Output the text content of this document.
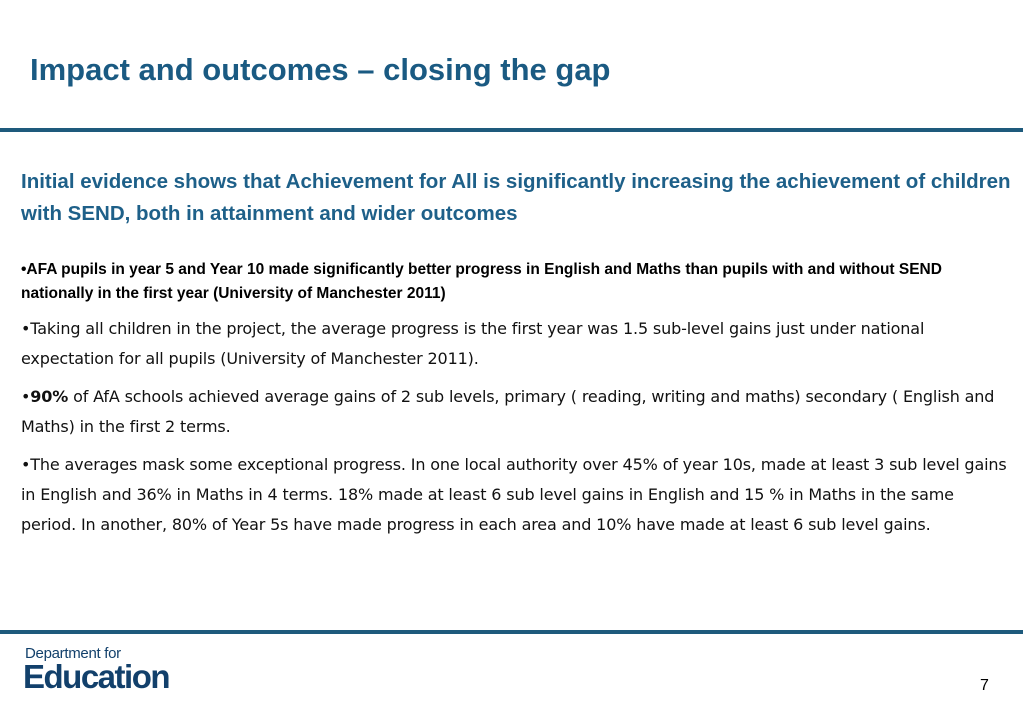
Impact and outcomes – closing the gap

Initial evidence shows that Achievement for All is significantly increasing the achievement of children with SEND, both in attainment and wider outcomes

•AFA pupils in year 5 and Year 10 made significantly better progress in English and Maths than pupils with and without SEND nationally in the first year (University of Manchester 2011)

•Taking all children in the project, the average progress is the first year was 1.5 sub-level gains just under national expectation for all pupils (University of Manchester 2011).

•90% of AfA schools achieved average gains of 2 sub levels, primary ( reading, writing and maths) secondary ( English and Maths) in the first 2 terms.

•The averages mask some exceptional progress. In one local authority over 45% of year 10s, made at least 3 sub level gains in English and 36% in Maths in 4 terms. 18% made at least 6 sub level gains in English and 15 % in Maths in the same period. In another, 80% of Year 5s have made progress in each area and 10% have made at least 6 sub level gains.

Department for
Education	7
